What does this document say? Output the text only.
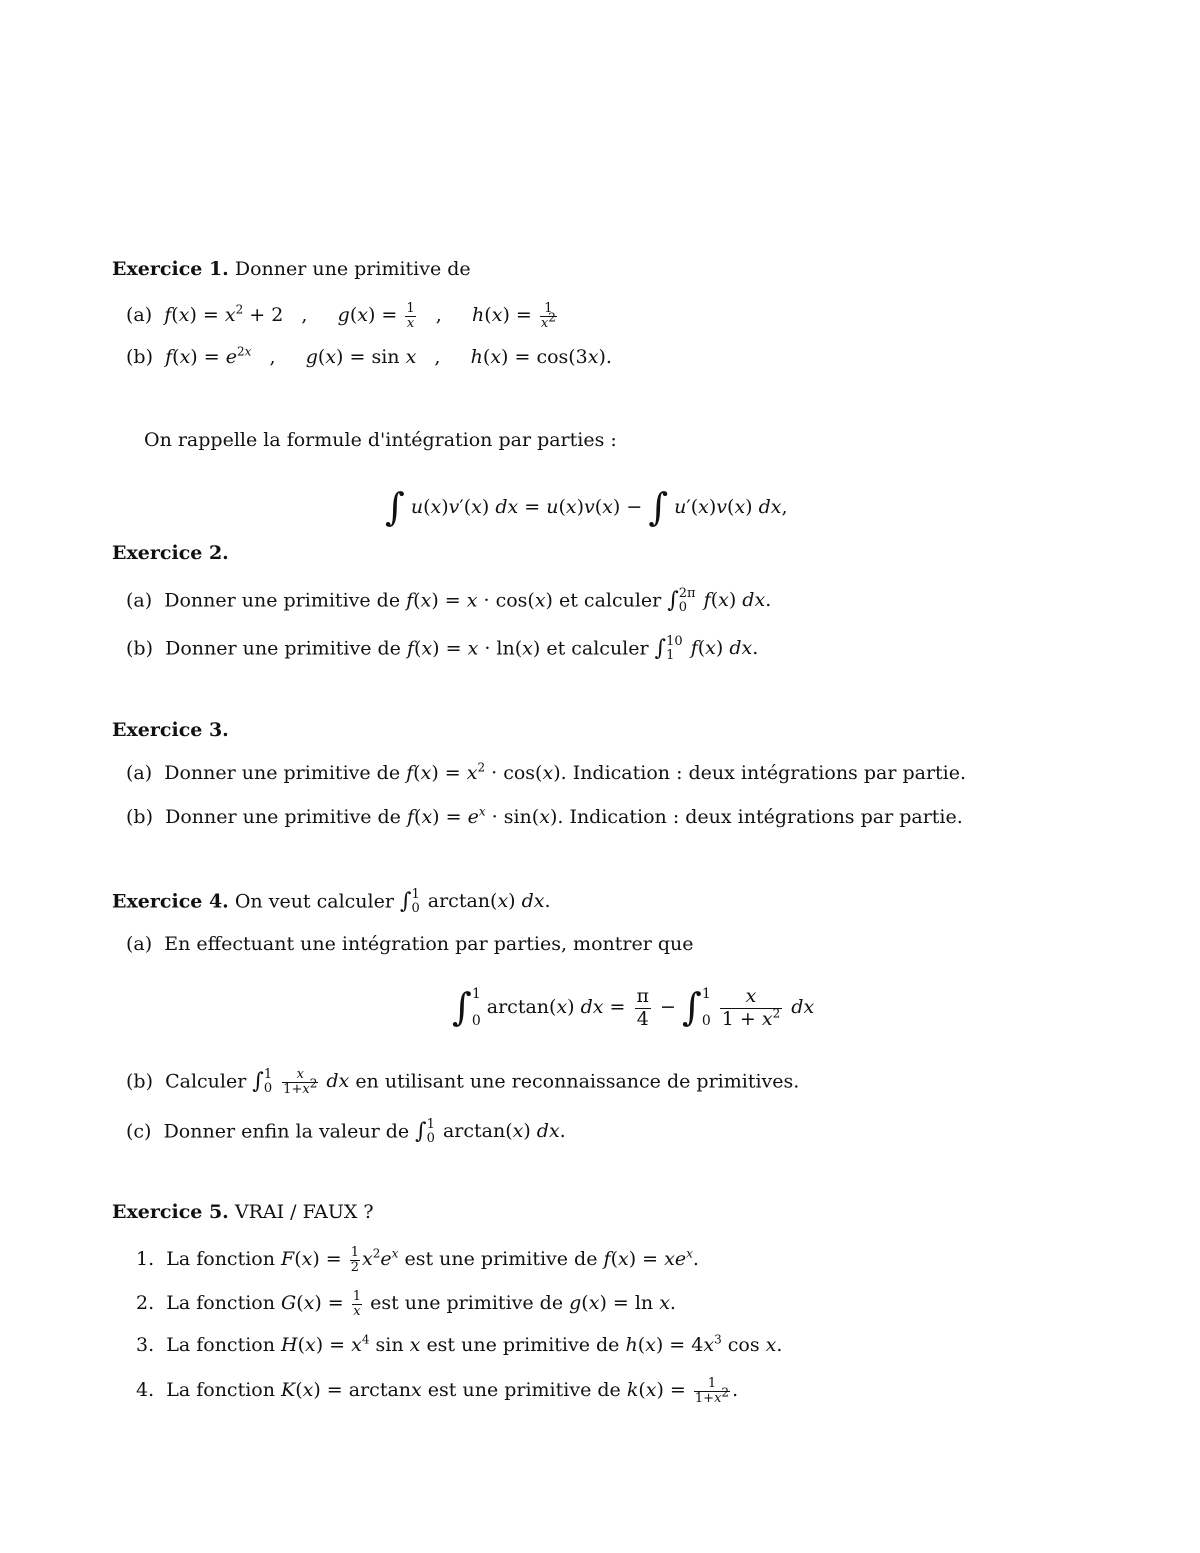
Exercice 1. Donner une primitive de
(a) $f(x) = x^2 + 2$   ,     $g(x) = \frac{1}{x}$ ,     $h(x) = \frac{1}{x^2}$
(b) $f(x) = e^{2x}$   ,     g(x) = sin x   ,     h(x) = cos(3x).
On rappelle la formule d'intégration par parties :
∫ u(x)v′(x) dx = u(x)v(x) − ∫ u′(x)v(x) dx,
Exercice 2.
(a) Donner une primitive de f(x) = x · cos(x) et calculer ∫ 2π
0 f(x) dx.
(b) Donner une primitive de f(x) = x · ln(x) et calculer ∫ 10
1 f(x) dx.
Exercice 3.
(a) Donner une primitive de $f(x) = x^2 \cdot \cos(x)$. Indication : deux intégrations par partie.
(b) Donner une primitive de $f(x) = e^x \cdot \sin(x)$. Indication : deux intégrations par partie.
Exercice 4. On veut calculer ∫ 1
0 arctan(x) dx.
(a) En effectuant une intégration par parties, montrer que
∫ 1
0
arctan(x) dx = $\frac{\pi}{4}$ − ∫ 1
0
$\frac{x}{1 + x^2}$ dx
(b) Calculer ∫ 1
0
$\frac{x}{1+x^2}$ dx en utilisant une reconnaissance de primitives.
(c) Donner enfin la valeur de ∫ 1
0 arctan(x) dx.
Exercice 5. VRAI / FAUX ?
1. La fonction $F(x) = \frac{1}{2} x^2e^x$ est une primitive de $f(x) = xe^x$.
2. La fonction $G(x) = \frac{1}{x}$ est une primitive de g(x) = ln x.
3. La fonction $H(x) = x^4$ sin x est une primitive de $h(x) = 4x^3$ cos x.
4. La fonction K(x) = arctanx est une primitive de $k(x) = \frac{1}{1+x^2}$ .
